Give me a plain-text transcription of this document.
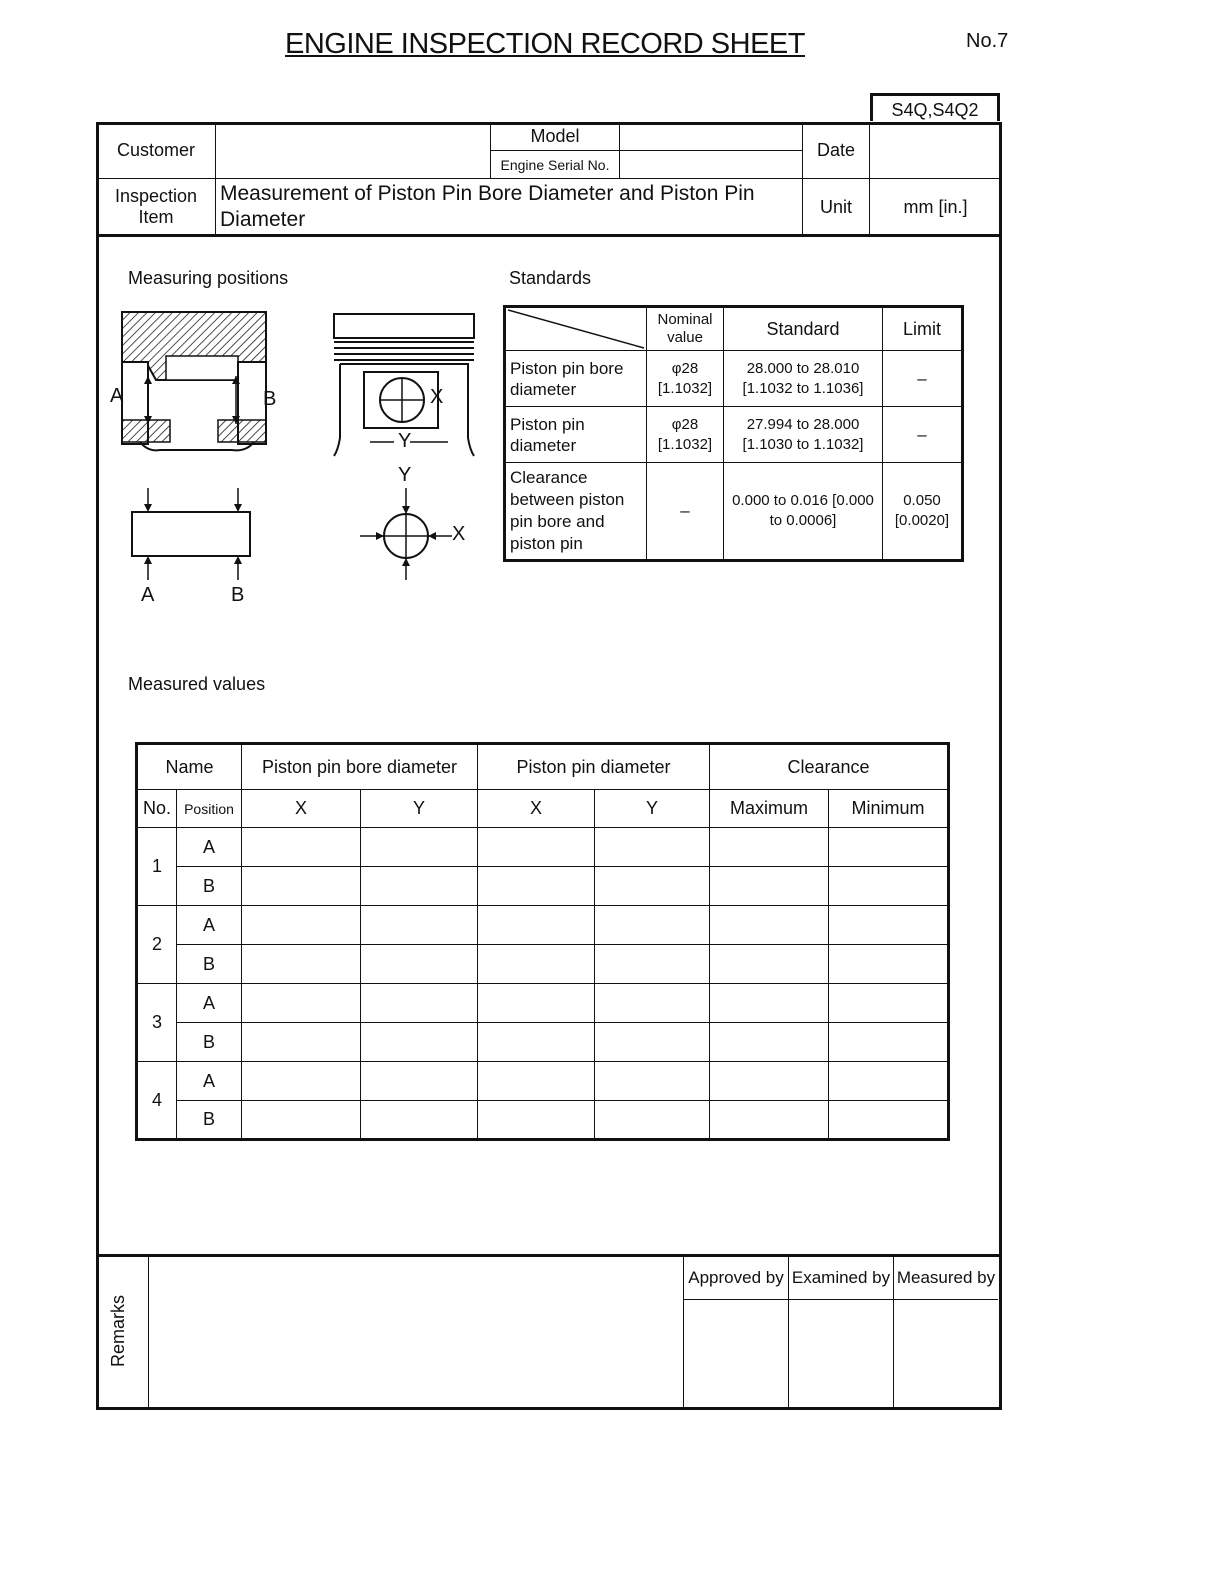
ENGINE INSPECTION RECORD SHEET	No.7
S4Q,S4Q2
Customer		Model		Date	
		Engine Serial No.			
Inspection Item	Measurement of Piston Pin Bore Diameter and Piston Pin Diameter			Unit	mm [in.]
Measuring positions	Standards
Measured values
A	B	X
Y
A	B
Y
X
	Nominal value	Standard	Limit
Piston pin bore diameter	φ28 [1.1032]	28.000 to 28.010 [1.1032 to 1.1036]	–
Piston pin diameter	φ28 [1.1032]	27.994 to 28.000 [1.1030 to 1.1032]	–
Clearance between piston pin bore and piston pin	–	0.000 to 0.016 [0.000 to 0.0006]	0.050 [0.0020]
Name		Piston pin bore diameter		Piston pin diameter		Clearance	
No.	Position	X	Y	X	Y	Maximum	Minimum
1	A						
	B						
2	A						
	B						
3	A						
	B						
4	A						
	B						
Remarks
Approved by	Examined by	Measured by
